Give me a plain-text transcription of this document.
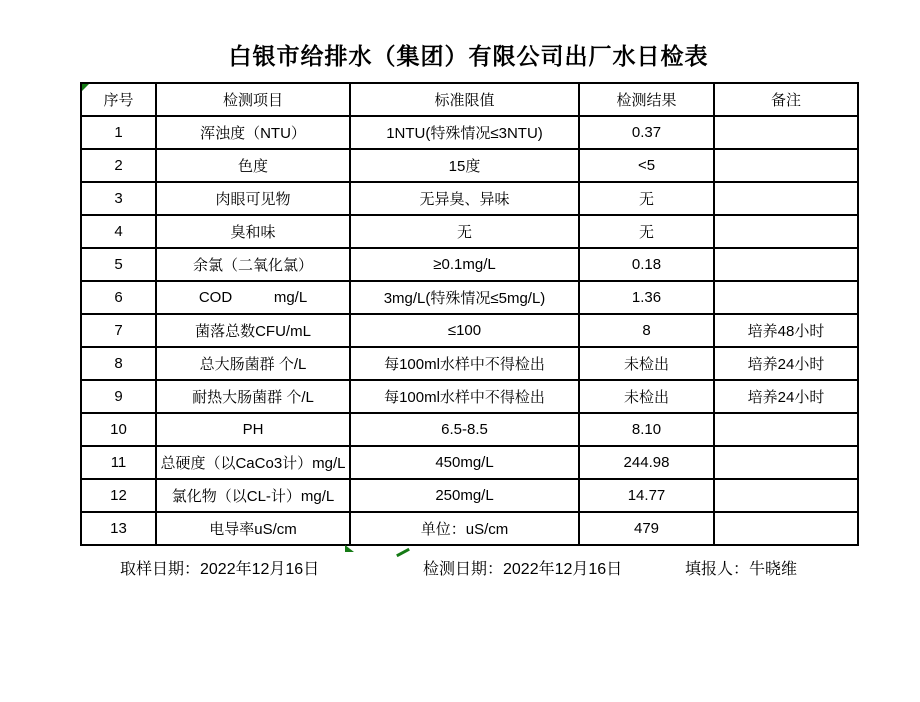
白银市给排水（集团）有限公司出厂水日检表
序号	检测项目	标准限值	检测结果	备注
1	浑浊度（NTU）	1NTU(特殊情况≤3NTU)	0.37	
2	色度	15度	<5	
3	肉眼可见物	无异臭、异味	无	
4	臭和味	无	无	
5	余氯（二氧化氯）	≥0.1mg/L	0.18	
6	COD          mg/L	3mg/L(特殊情况≤5mg/L)	1.36	
7	菌落总数CFU/mL	≤100	8	培养48小时
8	总大肠菌群 个/L	每100ml水样中不得检出	未检出	培养24小时
9	耐热大肠菌群 个/L	每100ml水样中不得检出	未检出	培养24小时
10	PH	6.5-8.5	8.10	
11	总硬度（以CaCo3计）mg/L	450mg/L	244.98	
12	氯化物（以CL-计）mg/L	250mg/L	14.77	
13	电导率uS/cm	单位：uS/cm	479	
取样日期：2022年12月16日	检测日期：2022年12月16日	填报人：牛晓维
